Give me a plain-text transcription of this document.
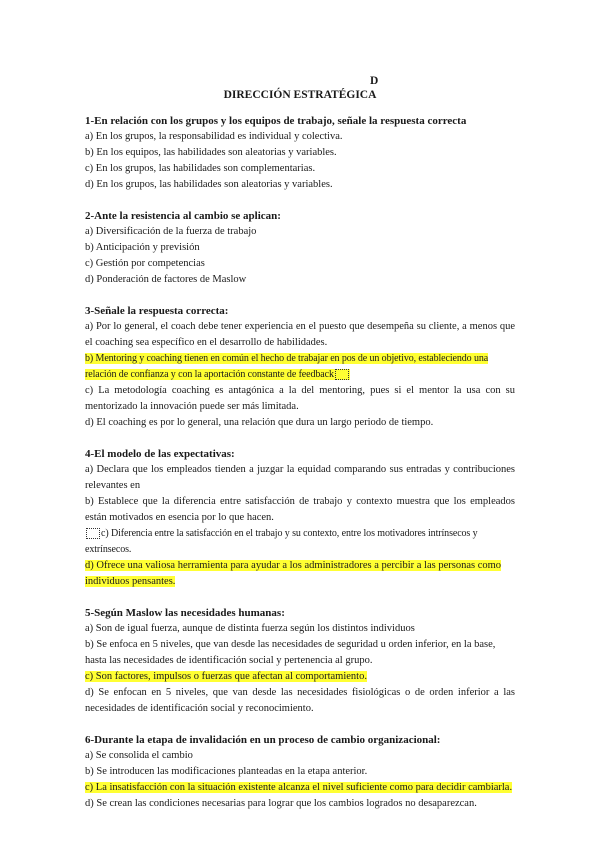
D
DIRECCIÓN ESTRATÉGICA
1-En relación con los grupos y los equipos de trabajo, señale la respuesta correcta
a) En los grupos, la responsabilidad es individual y colectiva.
b) En los equipos, las habilidades son aleatorias y variables.
c) En los grupos, las habilidades son complementarias.
d) En los grupos, las habilidades son aleatorias y variables.
2-Ante la resistencia al cambio se aplican:
a) Diversificación de la fuerza de trabajo
b) Anticipación y previsión
c) Gestión por competencias
d) Ponderación de factores de Maslow
3-Señale la respuesta correcta:
a) Por lo general, el coach debe tener experiencia en el puesto que desempeña su cliente, a menos que el coaching sea específico en el desarrollo de habilidades.
b) Mentoring y coaching tienen en común el hecho de trabajar en pos de un objetivo, estableciendo una relación de confianza y con la aportación constante de feedback
c) La metodología coaching es antagónica a la del mentoring, pues si el mentor la usa con su mentorizado la innovación puede ser más limitada.
d) El coaching es por lo general, una relación que dura un largo periodo de tiempo.
4-El modelo de las expectativas:
a) Declara que los empleados tienden a juzgar la equidad comparando sus entradas y contribuciones relevantes en
b) Establece que la diferencia entre satisfacción de trabajo y contexto muestra que los empleados están motivados en esencia por lo que hacen.
c) Diferencia entre la satisfacción en el trabajo y su contexto, entre los motivadores intrínsecos y extrínsecos.
d) Ofrece una valiosa herramienta para ayudar a los administradores a percibir a las personas como individuos pensantes.
5-Según Maslow las necesidades humanas:
a) Son de igual fuerza, aunque de distinta fuerza según los distintos individuos
b) Se enfoca en 5 niveles, que van desde las necesidades de seguridad u orden inferior, en la base, hasta las necesidades de identificación social y pertenencia al grupo.
c) Son factores, impulsos o fuerzas que afectan al comportamiento.
d) Se enfocan en 5 niveles, que van desde las necesidades fisiológicas o de orden inferior a las necesidades de identificación social y reconocimiento.
6-Durante la etapa de invalidación en un proceso de cambio organizacional:
a) Se consolida el cambio
b) Se introducen las modificaciones planteadas en la etapa anterior.
c) La insatisfacción con la situación existente alcanza el nivel suficiente como para decidir cambiarla.
d) Se crean las condiciones necesarias para lograr que los cambios logrados no desaparezcan.
